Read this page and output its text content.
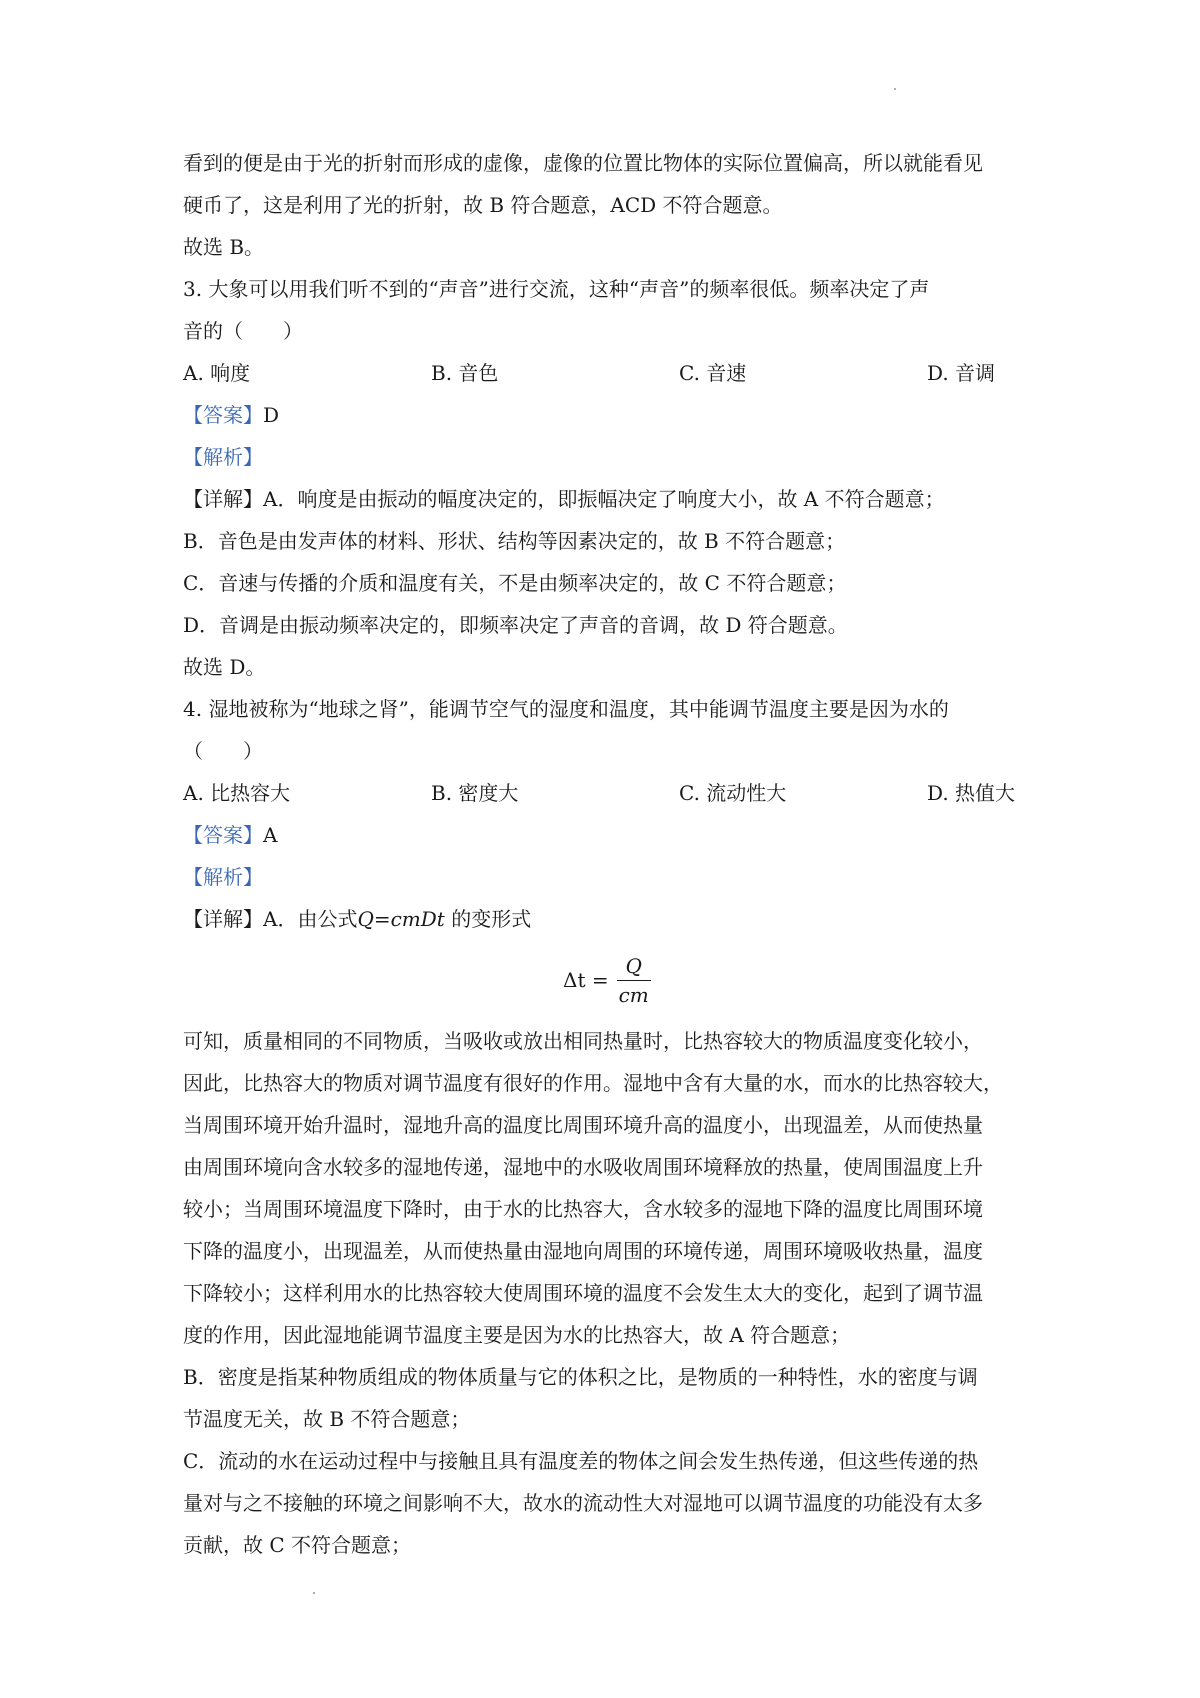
看到的便是由于光的折射而形成的虚像，虚像的位置比物体的实际位置偏高，所以就能看见
硬币了，这是利用了光的折射，故 B 符合题意，ACD 不符合题意。
故选 B。
3. 大象可以用我们听不到的“声音”进行交流，这种“声音”的频率很低。频率决定了声
音的（　　）
A. 响度	B. 音色	C. 音速	D. 音调
【答案】D
【解析】
【详解】A．响度是由振动的幅度决定的，即振幅决定了响度大小，故 A 不符合题意；
B．音色是由发声体的材料、形状、结构等因素决定的，故 B 不符合题意；
C．音速与传播的介质和温度有关，不是由频率决定的，故 C 不符合题意；
D．音调是由振动频率决定的，即频率决定了声音的音调，故 D 符合题意。
故选 D。
4. 湿地被称为“地球之肾”，能调节空气的湿度和温度，其中能调节温度主要是因为水的
（　　）
A. 比热容大	B. 密度大	C. 流动性大	D. 热值大
【答案】A
【解析】
【详解】A．由公式Q=cmDt 的变形式
$\Delta t = \frac{Q}{cm}$
可知，质量相同的不同物质，当吸收或放出相同热量时，比热容较大的物质温度变化较小，
因此，比热容大的物质对调节温度有很好的作用。湿地中含有大量的水，而水的比热容较大，
当周围环境开始升温时，湿地升高的温度比周围环境升高的温度小，出现温差，从而使热量
由周围环境向含水较多的湿地传递，湿地中的水吸收周围环境释放的热量，使周围温度上升
较小；当周围环境温度下降时，由于水的比热容大，含水较多的湿地下降的温度比周围环境
下降的温度小，出现温差，从而使热量由湿地向周围的环境传递，周围环境吸收热量，温度
下降较小；这样利用水的比热容较大使周围环境的温度不会发生太大的变化，起到了调节温
度的作用，因此湿地能调节温度主要是因为水的比热容大，故 A 符合题意；
B．密度是指某种物质组成的物体质量与它的体积之比，是物质的一种特性，水的密度与调
节温度无关，故 B 不符合题意；
C．流动的水在运动过程中与接触且具有温度差的物体之间会发生热传递，但这些传递的热
量对与之不接触的环境之间影响不大，故水的流动性大对湿地可以调节温度的功能没有太多
贡献，故 C 不符合题意；
